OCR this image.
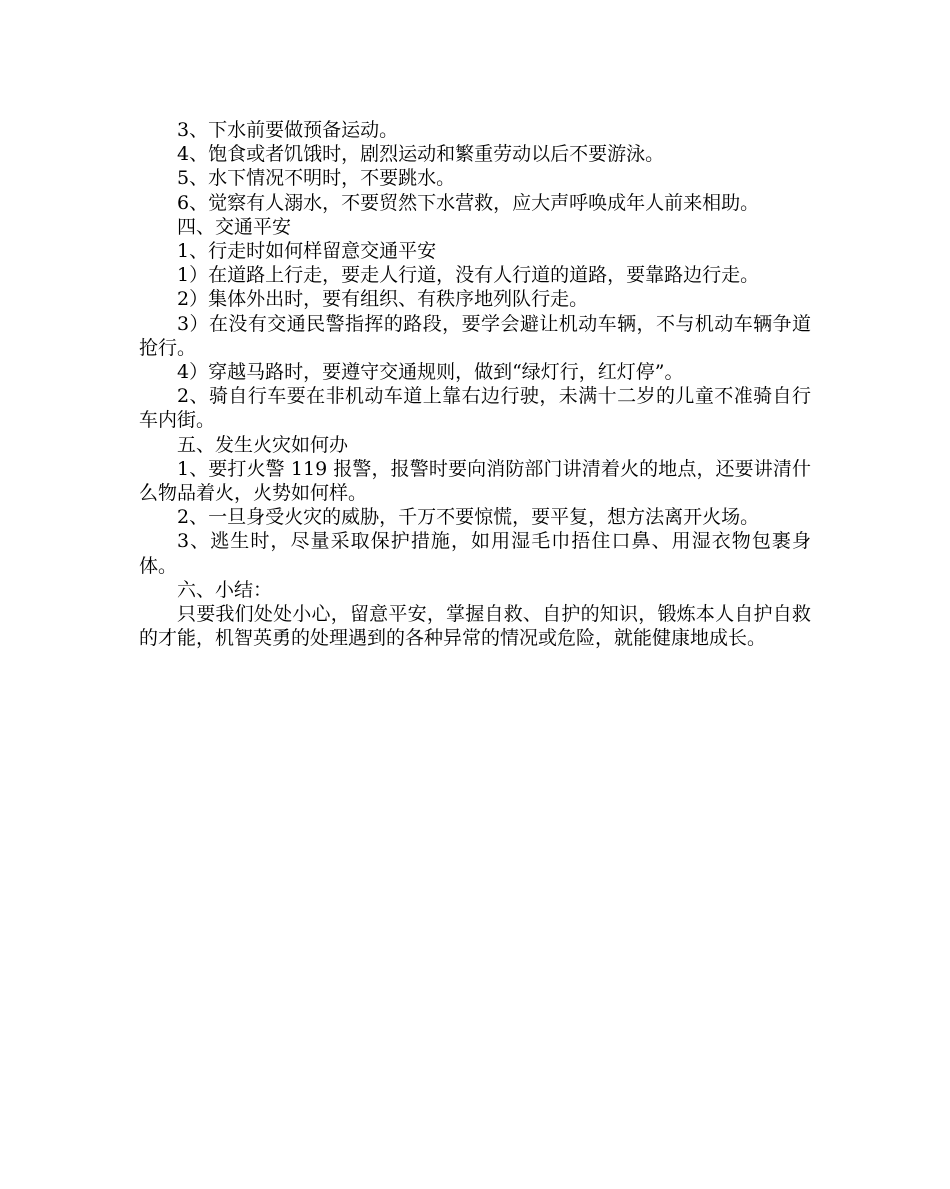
3、下水前要做预备运动。

4、饱食或者饥饿时，剧烈运动和繁重劳动以后不要游泳。

5、水下情况不明时，不要跳水。

6、觉察有人溺水，不要贸然下水营救，应大声呼唤成年人前来相助。

四、交通平安

1、行走时如何样留意交通平安

1）在道路上行走，要走人行道，没有人行道的道路，要靠路边行走。

2）集体外出时，要有组织、有秩序地列队行走。

3）在没有交通民警指挥的路段，要学会避让机动车辆，不与机动车辆争道抢行。

4）穿越马路时，要遵守交通规则，做到“绿灯行，红灯停”。

2、骑自行车要在非机动车道上靠右边行驶，未满十二岁的儿童不准骑自行车内街。

五、发生火灾如何办

1、要打火警 119 报警，报警时要向消防部门讲清着火的地点，还要讲清什么物品着火，火势如何样。

2、一旦身受火灾的威胁，千万不要惊慌，要平复，想方法离开火场。

3、逃生时，尽量采取保护措施，如用湿毛巾捂住口鼻、用湿衣物包裹身体。

六、小结：

只要我们处处小心，留意平安，掌握自救、自护的知识，锻炼本人自护自救的才能，机智英勇的处理遇到的各种异常的情况或危险，就能健康地成长。
